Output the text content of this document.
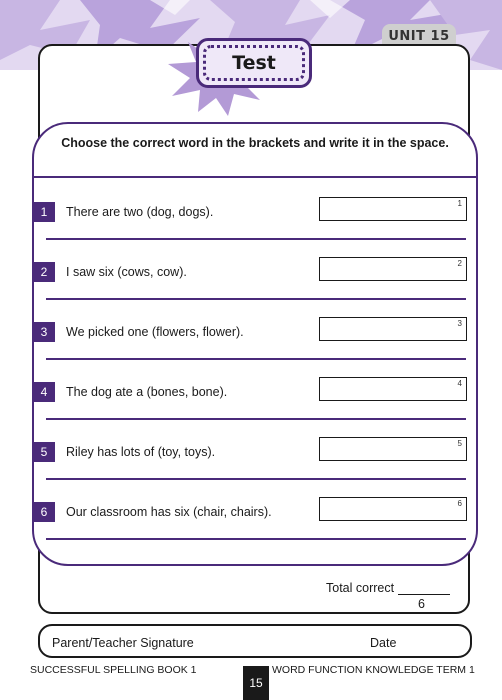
UNIT 15
Test
Choose the correct word in the brackets and write it in the space.
1	There are two (dog, dogs).
1
2	I saw six (cows, cow).
2
3	We picked one (flowers, flower).
3
4	The dog ate a (bones, bone).
4
5	Riley has lots of (toy, toys).
5
6	Our classroom has six (chair, chairs).
6
Total correct
6
Parent/Teacher Signature	Date
SUCCESSFUL SPELLING BOOK 1
15
WORD FUNCTION KNOWLEDGE TERM 1
